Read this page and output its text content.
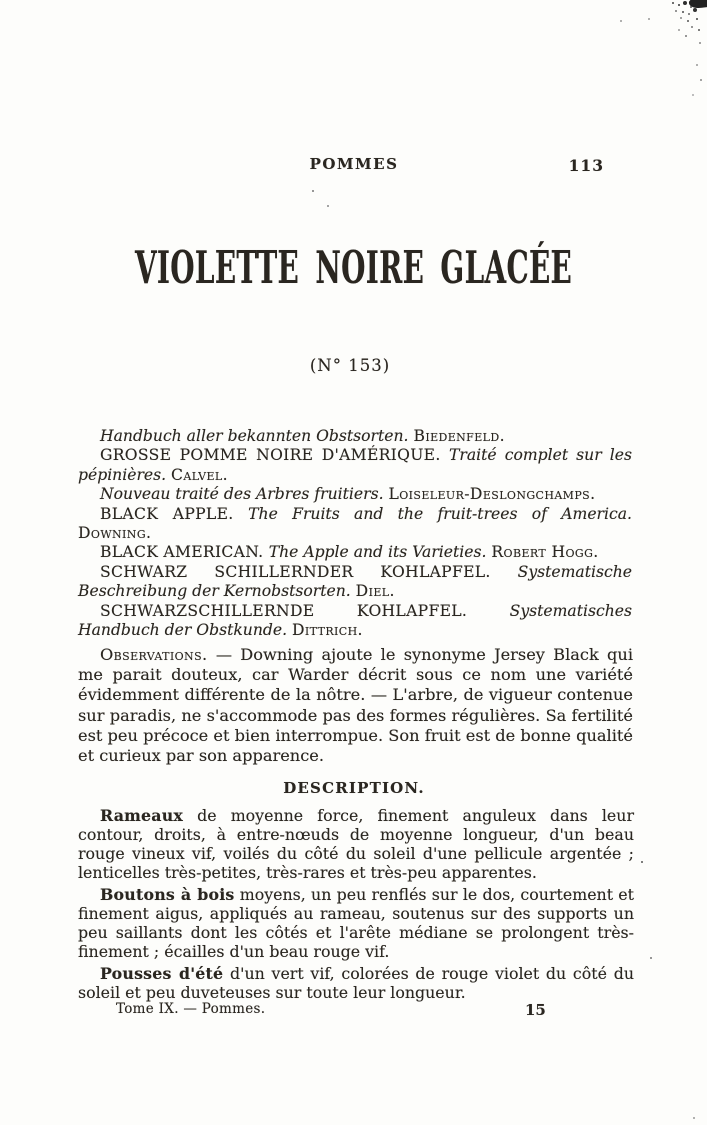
POMMES	113
VIOLETTE NOIRE GLACÉE
(N° 153)

Handbuch aller bekannten Obstsorten. Biedenfeld.

GROSSE POMME NOIRE D'AMÉRIQUE. Traité complet sur les pépinières. Calvel.

Nouveau traité des Arbres fruitiers. Loiseleur-Deslongchamps.

BLACK APPLE. The Fruits and the fruit-trees of America. Downing.

BLACK AMERICAN. The Apple and its Varieties. Robert Hogg.

SCHWARZ SCHILLERNDER KOHLAPFEL. Systematische Beschreibung der Kernobstsorten. Diel.

SCHWARZSCHILLERNDE KOHLAPFEL. Systematisches Handbuch der Obstkunde. Dittrich.

Observations. — Downing ajoute le synonyme Jersey Black qui me parait douteux, car Warder décrit sous ce nom une variété évidemment différente de la nôtre. — L'arbre, de vigueur contenue sur paradis, ne s'accommode pas des formes régulières. Sa fertilité est peu précoce et bien interrompue. Son fruit est de bonne qualité et curieux par son apparence.

DESCRIPTION.

Rameaux de moyenne force, finement anguleux dans leur contour, droits, à entre-nœuds de moyenne longueur, d'un beau rouge vineux vif, voilés du côté du soleil d'une pellicule argentée ; lenticelles très-petites, très-rares et très-peu apparentes.

Boutons à bois moyens, un peu renflés sur le dos, courtement et finement aigus, appliqués au rameau, soutenus sur des supports un peu saillants dont les côtés et l'arête médiane se prolongent très-finement ; écailles d'un beau rouge vif.

Pousses d'été d'un vert vif, colorées de rouge violet du côté du soleil et peu duveteuses sur toute leur longueur.

Tome IX. — Pommes.	15
